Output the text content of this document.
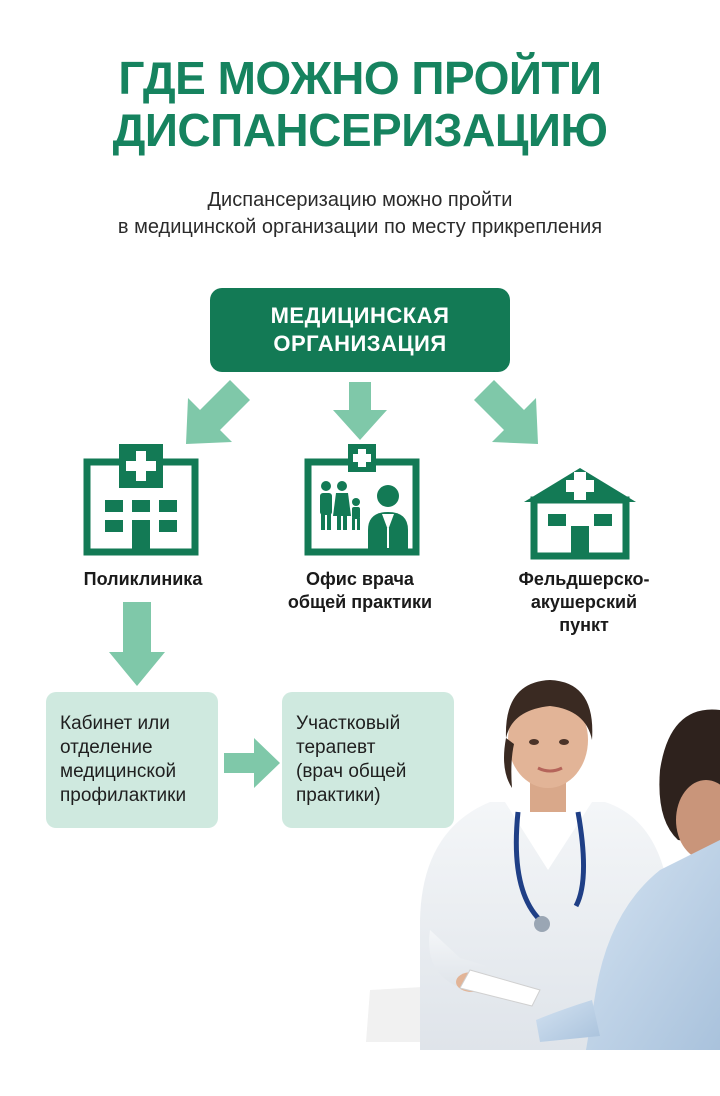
ГДЕ МОЖНО ПРОЙТИ
ДИСПАНСЕРИЗАЦИЮ
Диспансеризацию можно пройти
в медицинской организации по месту прикрепления
МЕДИЦИНСКАЯ
ОРГАНИЗАЦИЯ
Поликлиника	Офис врача
общей практики
Фельдшерско-
акушерский
пункт
Кабинет или
отделение
медицинской
профилактики
Участковый
терапевт
(врач общей
практики)
